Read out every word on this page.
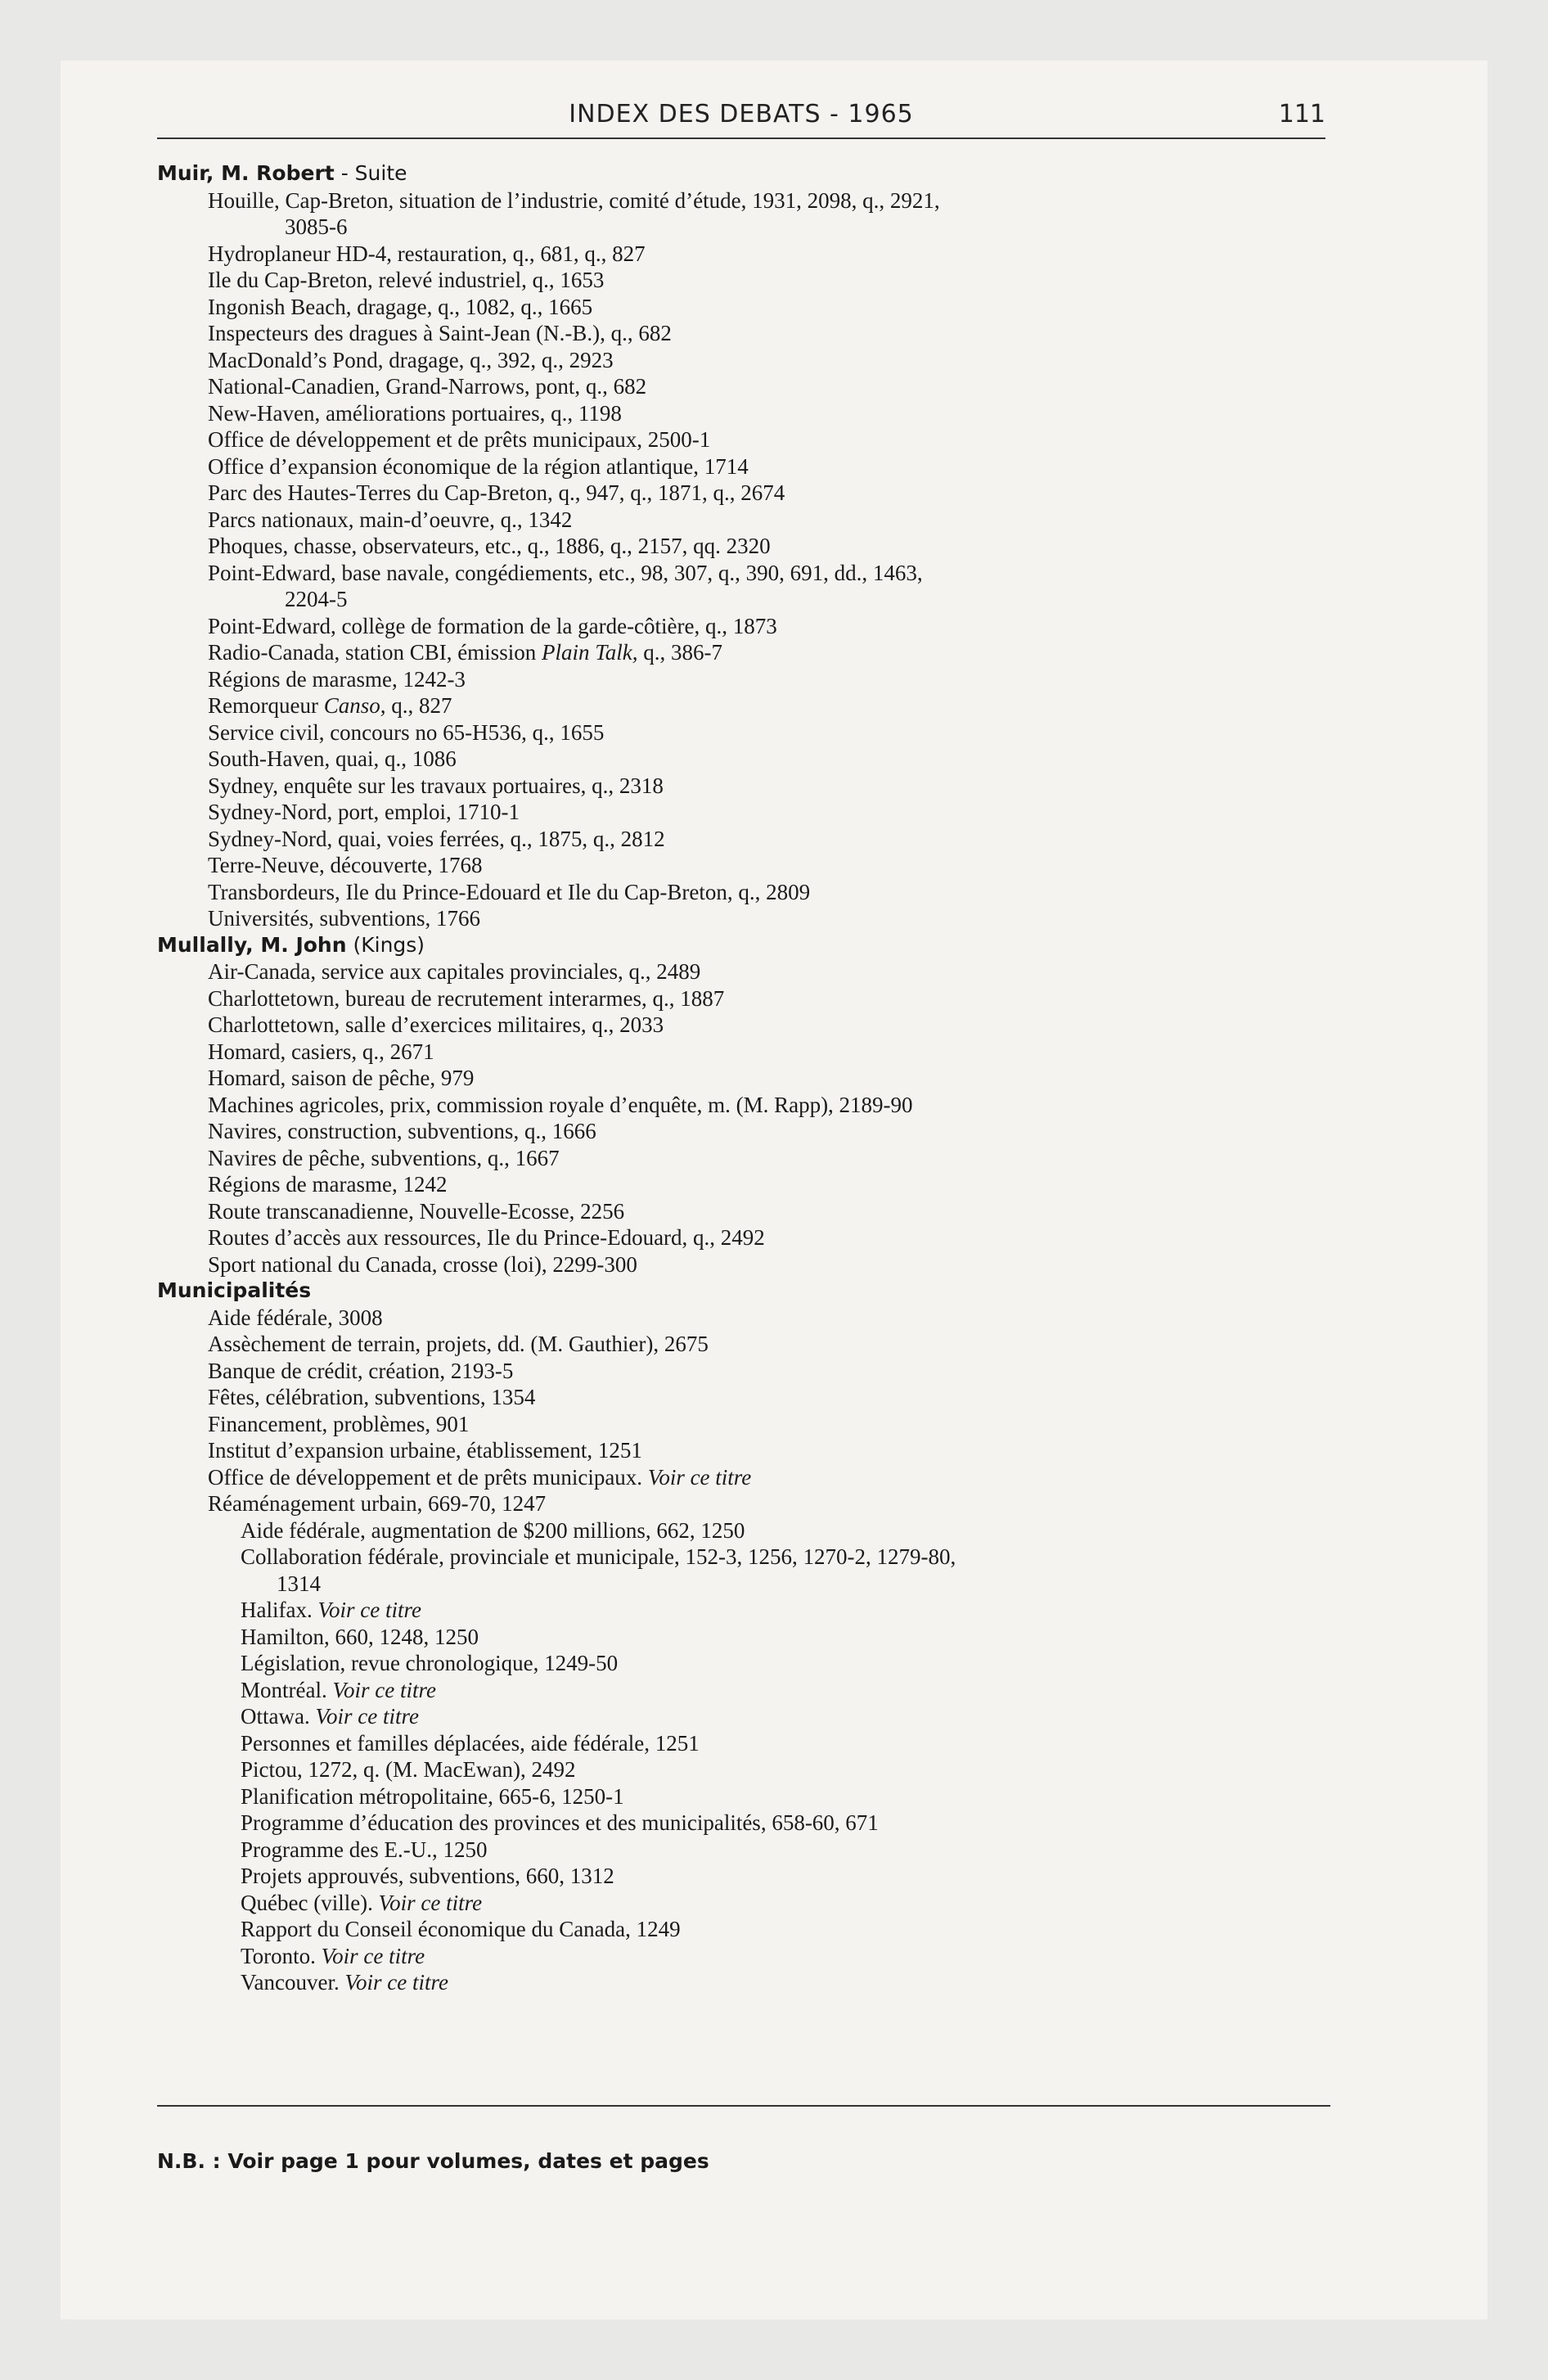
INDEX DES DEBATS - 1965	111
Muir, M. Robert - Suite
Houille, Cap-Breton, situation de l’industrie, comité d’étude, 1931, 2098, q., 2921,
3085-6
Hydroplaneur HD-4, restauration, q., 681, q., 827
Ile du Cap-Breton, relevé industriel, q., 1653
Ingonish Beach, dragage, q., 1082, q., 1665
Inspecteurs des dragues à Saint-Jean (N.-B.), q., 682
MacDonald’s Pond, dragage, q., 392, q., 2923
National-Canadien, Grand-Narrows, pont, q., 682
New-Haven, améliorations portuaires, q., 1198
Office de développement et de prêts municipaux, 2500-1
Office d’expansion économique de la région atlantique, 1714
Parc des Hautes-Terres du Cap-Breton, q., 947, q., 1871, q., 2674
Parcs nationaux, main-d’oeuvre, q., 1342
Phoques, chasse, observateurs, etc., q., 1886, q., 2157, qq. 2320
Point-Edward, base navale, congédiements, etc., 98, 307, q., 390, 691, dd., 1463,
2204-5
Point-Edward, collège de formation de la garde-côtière, q., 1873
Radio-Canada, station CBI, émission Plain Talk, q., 386-7
Régions de marasme, 1242-3
Remorqueur Canso, q., 827
Service civil, concours no 65-H536, q., 1655
South-Haven, quai, q., 1086
Sydney, enquête sur les travaux portuaires, q., 2318
Sydney-Nord, port, emploi, 1710-1
Sydney-Nord, quai, voies ferrées, q., 1875, q., 2812
Terre-Neuve, découverte, 1768
Transbordeurs, Ile du Prince-Edouard et Ile du Cap-Breton, q., 2809
Universités, subventions, 1766
Mullally, M. John (Kings)
Air-Canada, service aux capitales provinciales, q., 2489
Charlottetown, bureau de recrutement interarmes, q., 1887
Charlottetown, salle d’exercices militaires, q., 2033
Homard, casiers, q., 2671
Homard, saison de pêche, 979
Machines agricoles, prix, commission royale d’enquête, m. (M. Rapp), 2189-90
Navires, construction, subventions, q., 1666
Navires de pêche, subventions, q., 1667
Régions de marasme, 1242
Route transcanadienne, Nouvelle-Ecosse, 2256
Routes d’accès aux ressources, Ile du Prince-Edouard, q., 2492
Sport national du Canada, crosse (loi), 2299-300
Municipalités
Aide fédérale, 3008
Assèchement de terrain, projets, dd. (M. Gauthier), 2675
Banque de crédit, création, 2193-5
Fêtes, célébration, subventions, 1354
Financement, problèmes, 901
Institut d’expansion urbaine, établissement, 1251
Office de développement et de prêts municipaux. Voir ce titre
Réaménagement urbain, 669-70, 1247
Aide fédérale, augmentation de $200 millions, 662, 1250
Collaboration fédérale, provinciale et municipale, 152-3, 1256, 1270-2, 1279-80,
1314
Halifax. Voir ce titre
Hamilton, 660, 1248, 1250
Législation, revue chronologique, 1249-50
Montréal. Voir ce titre
Ottawa. Voir ce titre
Personnes et familles déplacées, aide fédérale, 1251
Pictou, 1272, q. (M. MacEwan), 2492
Planification métropolitaine, 665-6, 1250-1
Programme d’éducation des provinces et des municipalités, 658-60, 671
Programme des E.-U., 1250
Projets approuvés, subventions, 660, 1312
Québec (ville). Voir ce titre
Rapport du Conseil économique du Canada, 1249
Toronto. Voir ce titre
Vancouver. Voir ce titre
N.B. : Voir page 1 pour volumes, dates et pages
